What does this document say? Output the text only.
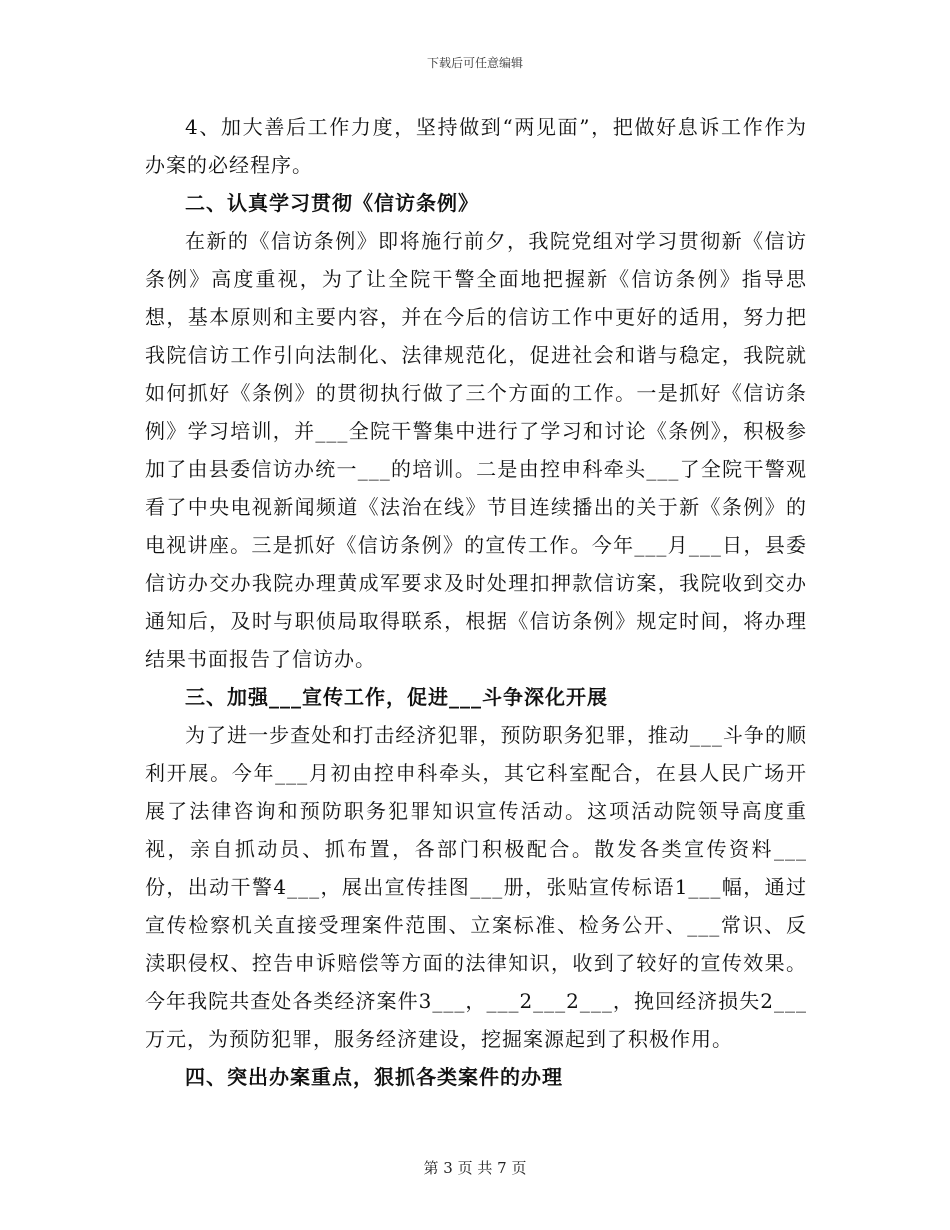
下载后可任意编辑

4、加大善后工作力度，坚持做到“两见面”，把做好息诉工作作为办案的必经程序。

二、认真学习贯彻《信访条例》

在新的《信访条例》即将施行前夕，我院党组对学习贯彻新《信访条例》高度重视，为了让全院干警全面地把握新《信访条例》指导思想，基本原则和主要内容，并在今后的信访工作中更好的适用，努力把我院信访工作引向法制化、法律规范化，促进社会和谐与稳定，我院就如何抓好《条例》的贯彻执行做了三个方面的工作。一是抓好《信访条例》学习培训，并___全院干警集中进行了学习和讨论《条例》，积极参加了由县委信访办统一___的培训。二是由控申科牵头___了全院干警观看了中央电视新闻频道《法治在线》节目连续播出的关于新《条例》的电视讲座。三是抓好《信访条例》的宣传工作。今年___月___日，县委信访办交办我院办理黄成军要求及时处理扣押款信访案，我院收到交办通知后，及时与职侦局取得联系，根据《信访条例》规定时间，将办理结果书面报告了信访办。

三、加强___宣传工作，促进___斗争深化开展

为了进一步查处和打击经济犯罪，预防职务犯罪，推动___斗争的顺利开展。今年___月初由控申科牵头，其它科室配合，在县人民广场开展了法律咨询和预防职务犯罪知识宣传活动。这项活动院领导高度重视，亲自抓动员、抓布置，各部门积极配合。散发各类宣传资料___份，出动干警4___，展出宣传挂图___册，张贴宣传标语1___幅，通过宣传检察机关直接受理案件范围、立案标准、检务公开、___常识、反渎职侵权、控告申诉赔偿等方面的法律知识，收到了较好的宣传效果。今年我院共查处各类经济案件3___，___2___2___，挽回经济损失2___万元，为预防犯罪，服务经济建设，挖掘案源起到了积极作用。

四、突出办案重点，狠抓各类案件的办理

第 3 页 共 7 页
